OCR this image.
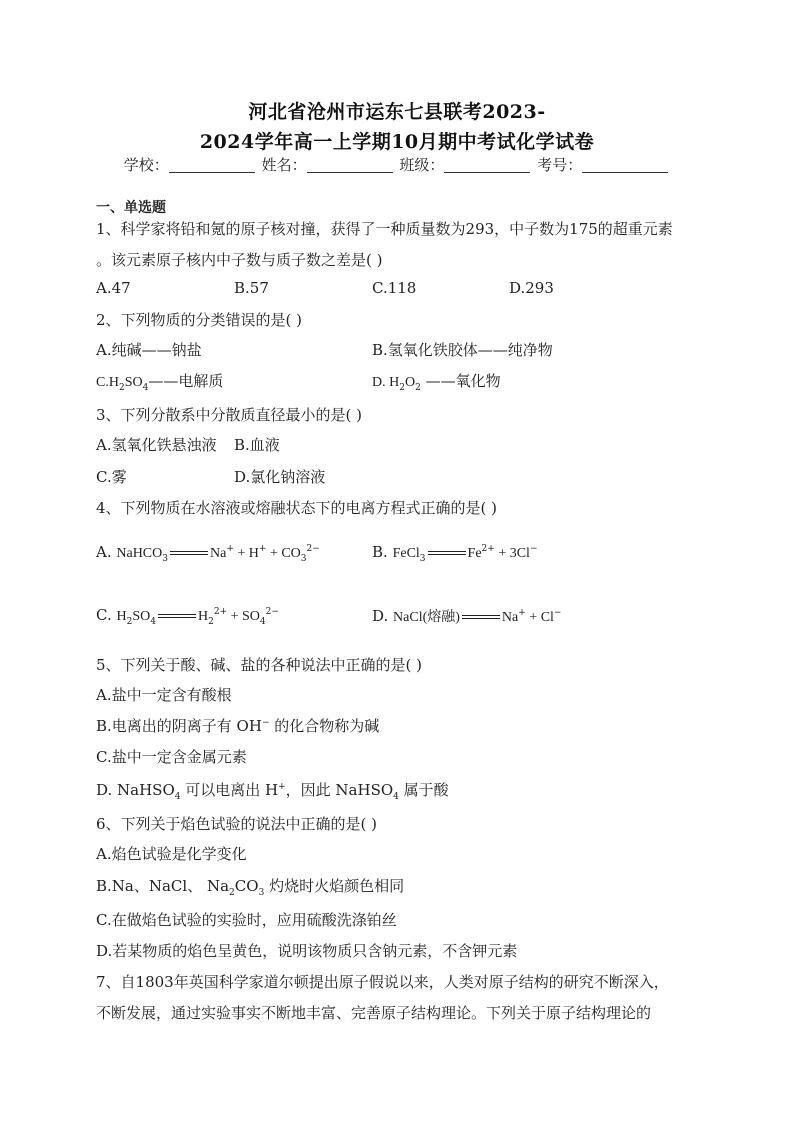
河北省沧州市运东七县联考2023-
2024学年高一上学期10月期中考试化学试卷
学校：	姓名：	班级：	考号：
一、单选题
1、科学家将铅和氪的原子核对撞，获得了一种质量数为293，中子数为175的超重元素
。该元素原子核内中子数与质子数之差是( )
A.47	B.57	C.118	D.293
2、下列物质的分类错误的是( )
A.纯碱——钠盐	B.氢氧化铁胶体——纯净物
$C.H_2SO_4——$电解质	D. $H_2O_2$ ——氧化物
3、下列分散系中分散质直径最小的是( )
A.氢氧化铁悬浊液 B.血液
C.雾	D.氯化钠溶液
4、下列物质在水溶液或熔融状态下的电离方程式正确的是( )
A. NaHCO$_3$	$Na^+ + H^+ + CO_3^{2-}$	B. FeCl$_3$	$Fe^{2+} + 3Cl^-$
C. $H_2SO_4$	$H_2^{2+} + SO_4^{2-}$	D. NaCl(熔融)	Na+ + Cl−
5、下列关于酸、碱、盐的各种说法中正确的是( )
A.盐中一定含有酸根
B.电离出的阴离子有 OH− 的化合物称为碱
C.盐中一定含金属元素
D. NaHSO$_4$ 可以电离出 H+，因此 NaHSO$_4$ 属于酸
6、下列关于焰色试验的说法中正确的是( )
A.焰色试验是化学变化
B.Na、NaCl、 $Na_2CO_3$ 灼烧时火焰颜色相同
C.在做焰色试验的实验时，应用硫酸洗涤铂丝
D.若某物质的焰色呈黄色，说明该物质只含钠元素，不含钾元素
7、自1803年英国科学家道尔顿提出原子假说以来，人类对原子结构的研究不断深入，
不断发展，通过实验事实不断地丰富、完善原子结构理论。下列关于原子结构理论的
